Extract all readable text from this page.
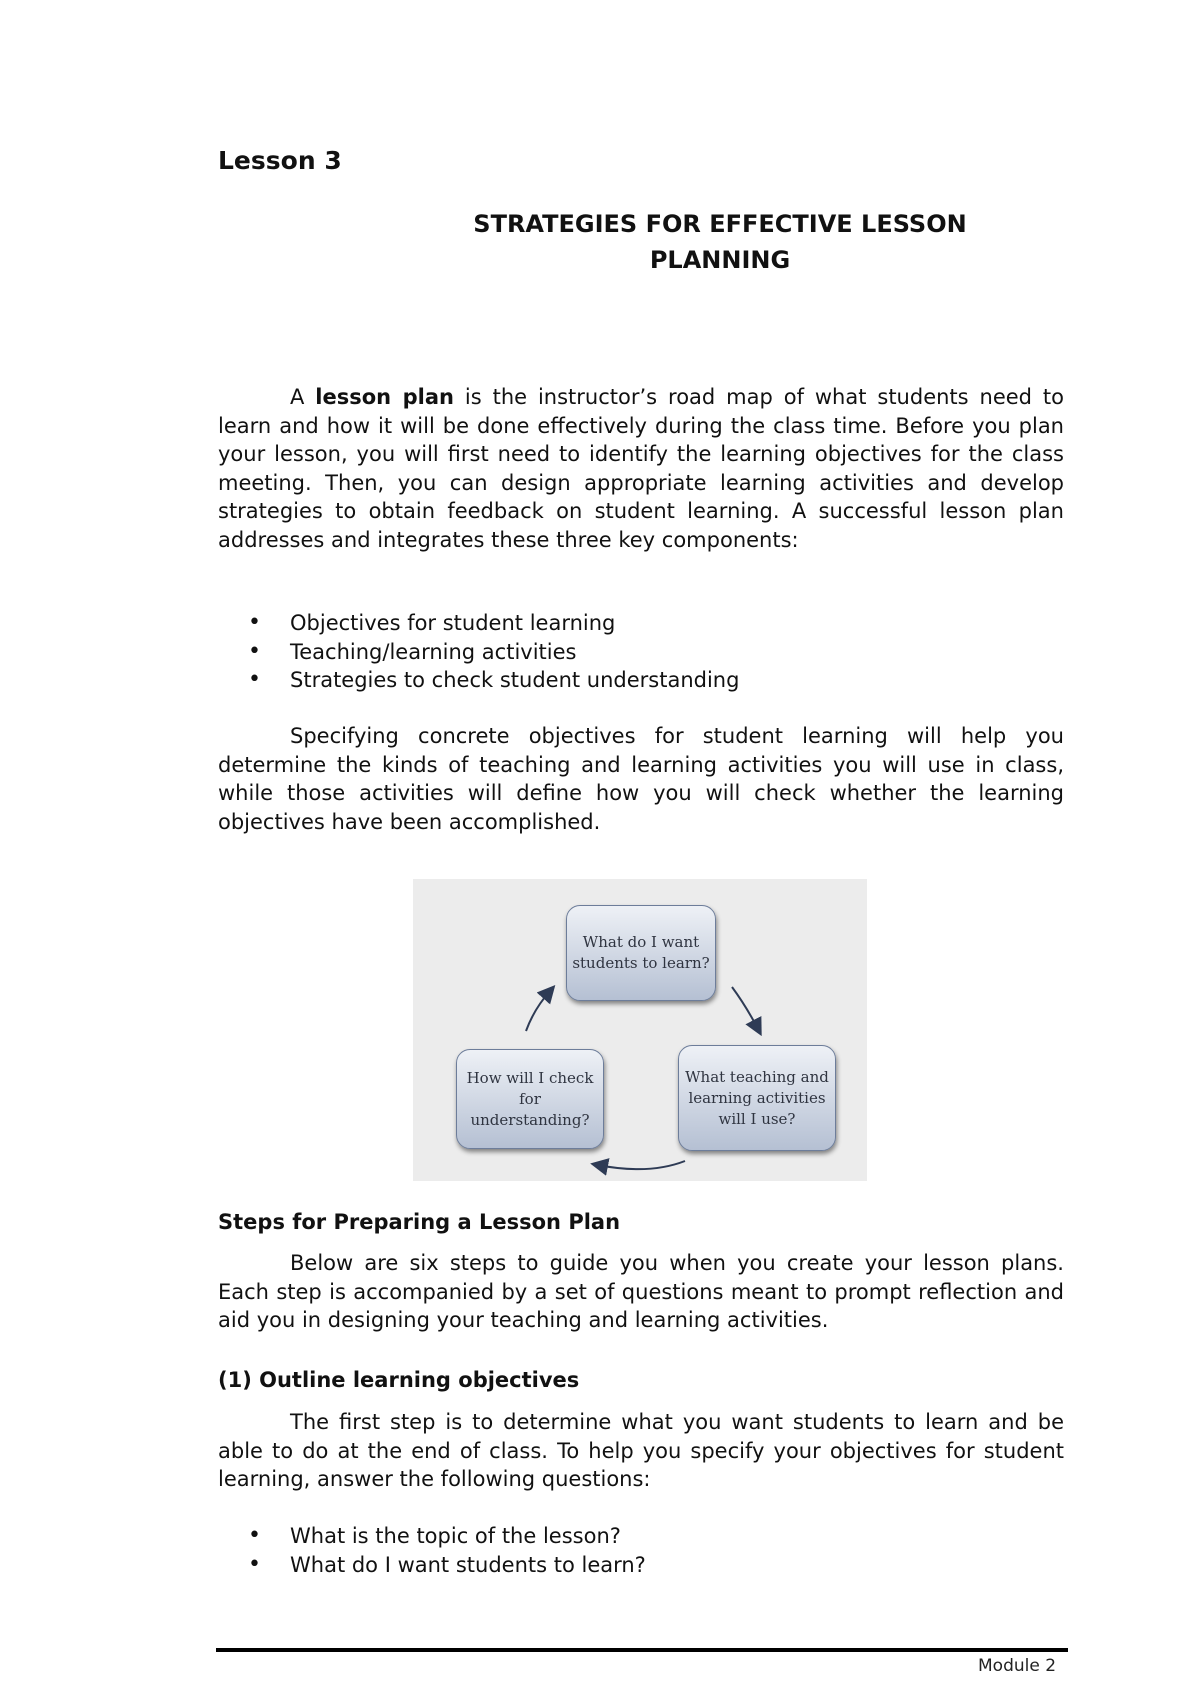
Lesson 3
STRATEGIES FOR EFFECTIVE LESSON
PLANNING

A lesson plan is the instructor’s road map of what students need to learn and how it will be done effectively during the class time. Before you plan your lesson, you will first need to identify the learning objectives for the class meeting. Then, you can design appropriate learning activities and develop strategies to obtain feedback on student learning. A successful lesson plan addresses and integrates these three key components:

• Objectives for student learning
• Teaching/learning activities
• Strategies to check student understanding

Specifying concrete objectives for student learning will help you determine the kinds of teaching and learning activities you will use in class, while those activities will define how you will check whether the learning objectives have been accomplished.

What do I want students to learn?
What teaching and learning activities will I use?
How will I check for understanding?
Steps for Preparing a Lesson Plan

Below are six steps to guide you when you create your lesson plans. Each step is accompanied by a set of questions meant to prompt reflection and aid you in designing your teaching and learning activities.

(1) Outline learning objectives

The first step is to determine what you want students to learn and be able to do at the end of class. To help you specify your objectives for student learning, answer the following questions:

• What is the topic of the lesson?
• What do I want students to learn?
Module 2
